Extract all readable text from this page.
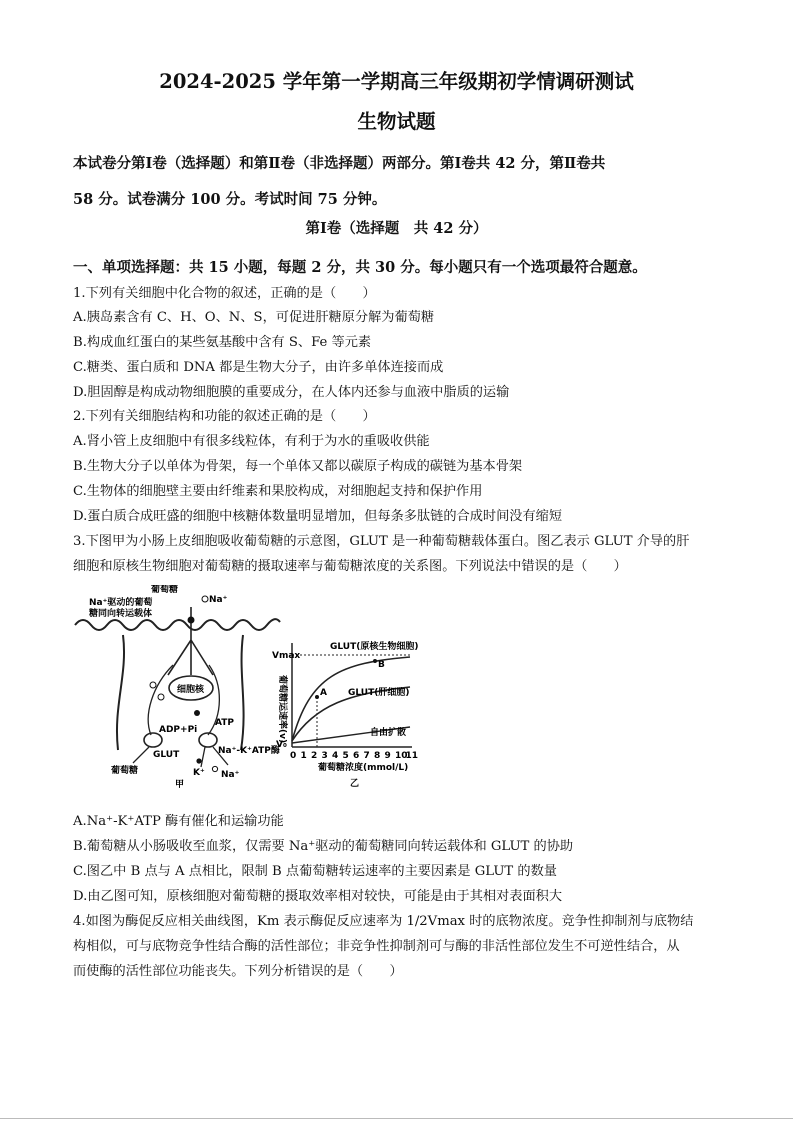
2024-2025 学年第一学期高三年级期初学情调研测试
生物试题
本试卷分第Ⅰ卷（选择题）和第Ⅱ卷（非选择题）两部分。第Ⅰ卷共 42 分，第Ⅱ卷共
58 分。试卷满分 100 分。考试时间 75 分钟。
第Ⅰ卷（选择题　共 42 分）
一、单项选择题：共 15 小题，每题 2 分，共 30 分。每小题只有一个选项最符合题意。
1.下列有关细胞中化合物的叙述，正确的是（　　）
A.胰岛素含有 C、H、O、N、S，可促进肝糖原分解为葡萄糖
B.构成血红蛋白的某些氨基酸中含有 S、Fe 等元素
C.糖类、蛋白质和 DNA 都是生物大分子，由许多单体连接而成
D.胆固醇是构成动物细胞膜的重要成分，在人体内还参与血液中脂质的运输
2.下列有关细胞结构和功能的叙述正确的是（　　）
A.肾小管上皮细胞中有很多线粒体，有利于为水的重吸收供能
B.生物大分子以单体为骨架，每一个单体又都以碳原子构成的碳链为基本骨架
C.生物体的细胞壁主要由纤维素和果胶构成，对细胞起支持和保护作用
D.蛋白质合成旺盛的细胞中核糖体数量明显增加，但每条多肽链的合成时间没有缩短
3.下图甲为小肠上皮细胞吸收葡萄糖的示意图，GLUT 是一种葡萄糖载体蛋白。图乙表示 GLUT 介导的肝
细胞和原核生物细胞对葡萄糖的摄取速率与葡萄糖浓度的关系图。下列说法中错误的是（　　）
葡萄糖
Na⁺
Na⁺驱动的葡萄
糖同向转运载体
细胞核
ADP+Pi
ATP
GLUT	Na⁺-K⁺ATP酶
葡萄糖	K⁺ Na⁺
甲
Vmax
V₀
GLUT(原核生物细胞)
GLUT(肝细胞)
自由扩散
A
B
0 1 2 3 4 5 6 7 8 9 10
11
葡萄糖浓度(mmol/L)
乙
葡萄糖运速率(v)
A.Na⁺-K⁺ATP 酶有催化和运输功能
B.葡萄糖从小肠吸收至血浆，仅需要 Na⁺驱动的葡萄糖同向转运载体和 GLUT 的协助
C.图乙中 B 点与 A 点相比，限制 B 点葡萄糖转运速率的主要因素是 GLUT 的数量
D.由乙图可知，原核细胞对葡萄糖的摄取效率相对较快，可能是由于其相对表面积大
4.如图为酶促反应相关曲线图，Km 表示酶促反应速率为 1/2Vmax 时的底物浓度。竞争性抑制剂与底物结
构相似，可与底物竞争性结合酶的活性部位；非竞争性抑制剂可与酶的非活性部位发生不可逆性结合，从
而使酶的活性部位功能丧失。下列分析错误的是（　　）
